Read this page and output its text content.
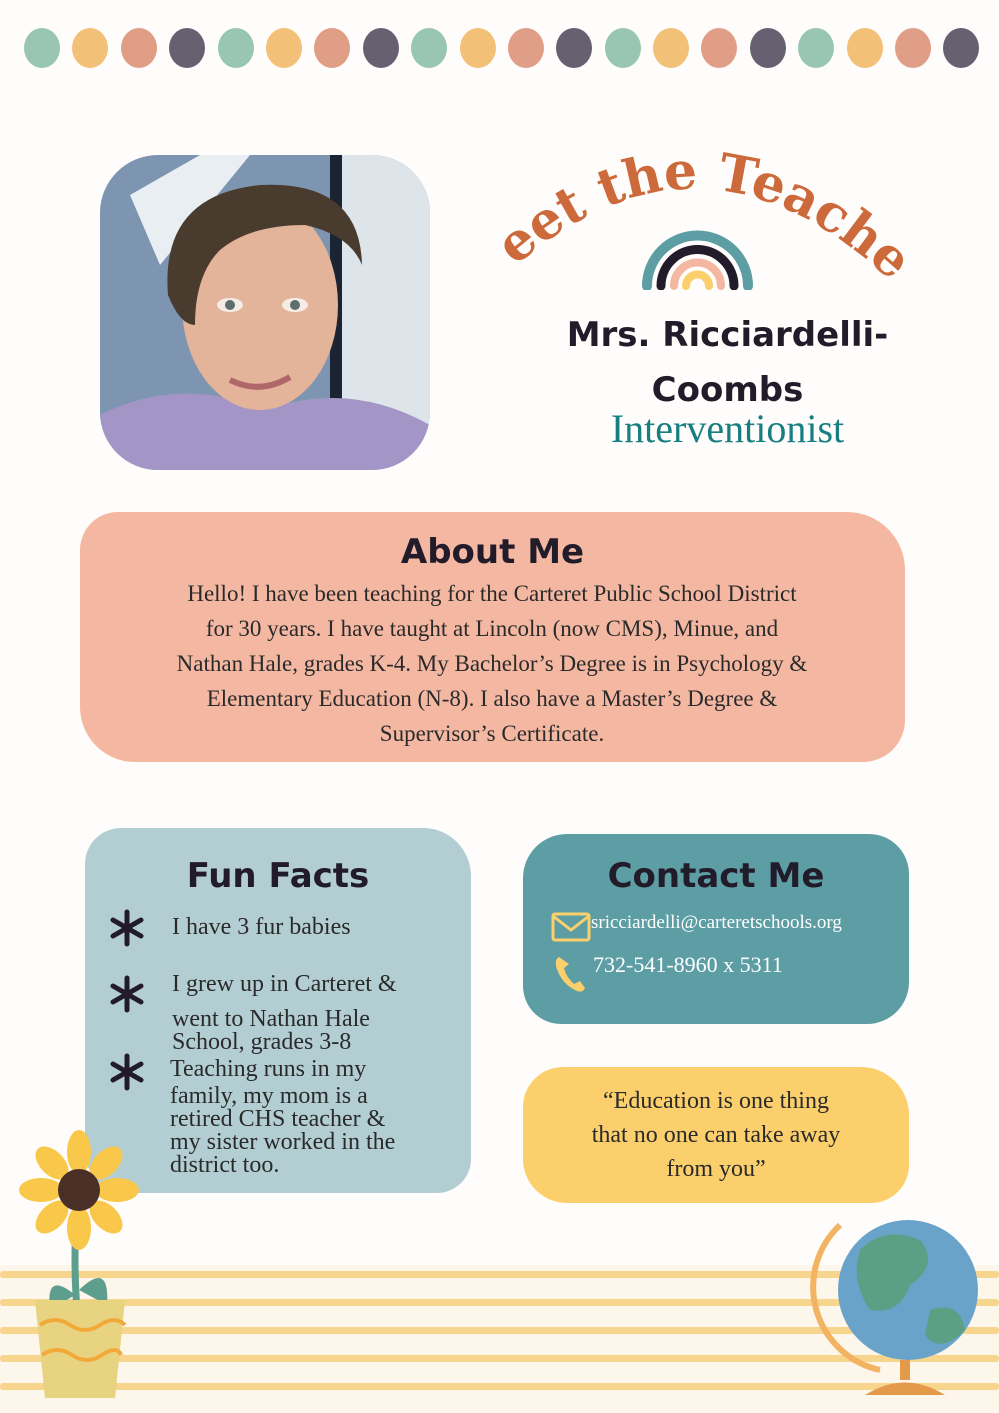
Meet the Teacher
Mrs. Ricciardelli-
Coombs
Interventionist
About Me

Hello! I have been teaching for the Carteret Public School District
for 30 years. I have taught at Lincoln (now CMS), Minue, and
Nathan Hale, grades K-4. My Bachelor’s Degree is in Psychology &
Elementary Education (N-8). I also have a Master’s Degree &
Supervisor’s Certificate.

Fun Facts
I have 3 fur babies
I grew up in Carteret &
went to Nathan Hale
School, grades 3-8
Teaching runs in my
family, my mom is a
retired CHS teacher &
my sister worked in the
district too.
Contact Me
sricciardelli@carteretschools.org
732-541-8960 x 5311

“Education is one thing
that no one can take away
from you”
